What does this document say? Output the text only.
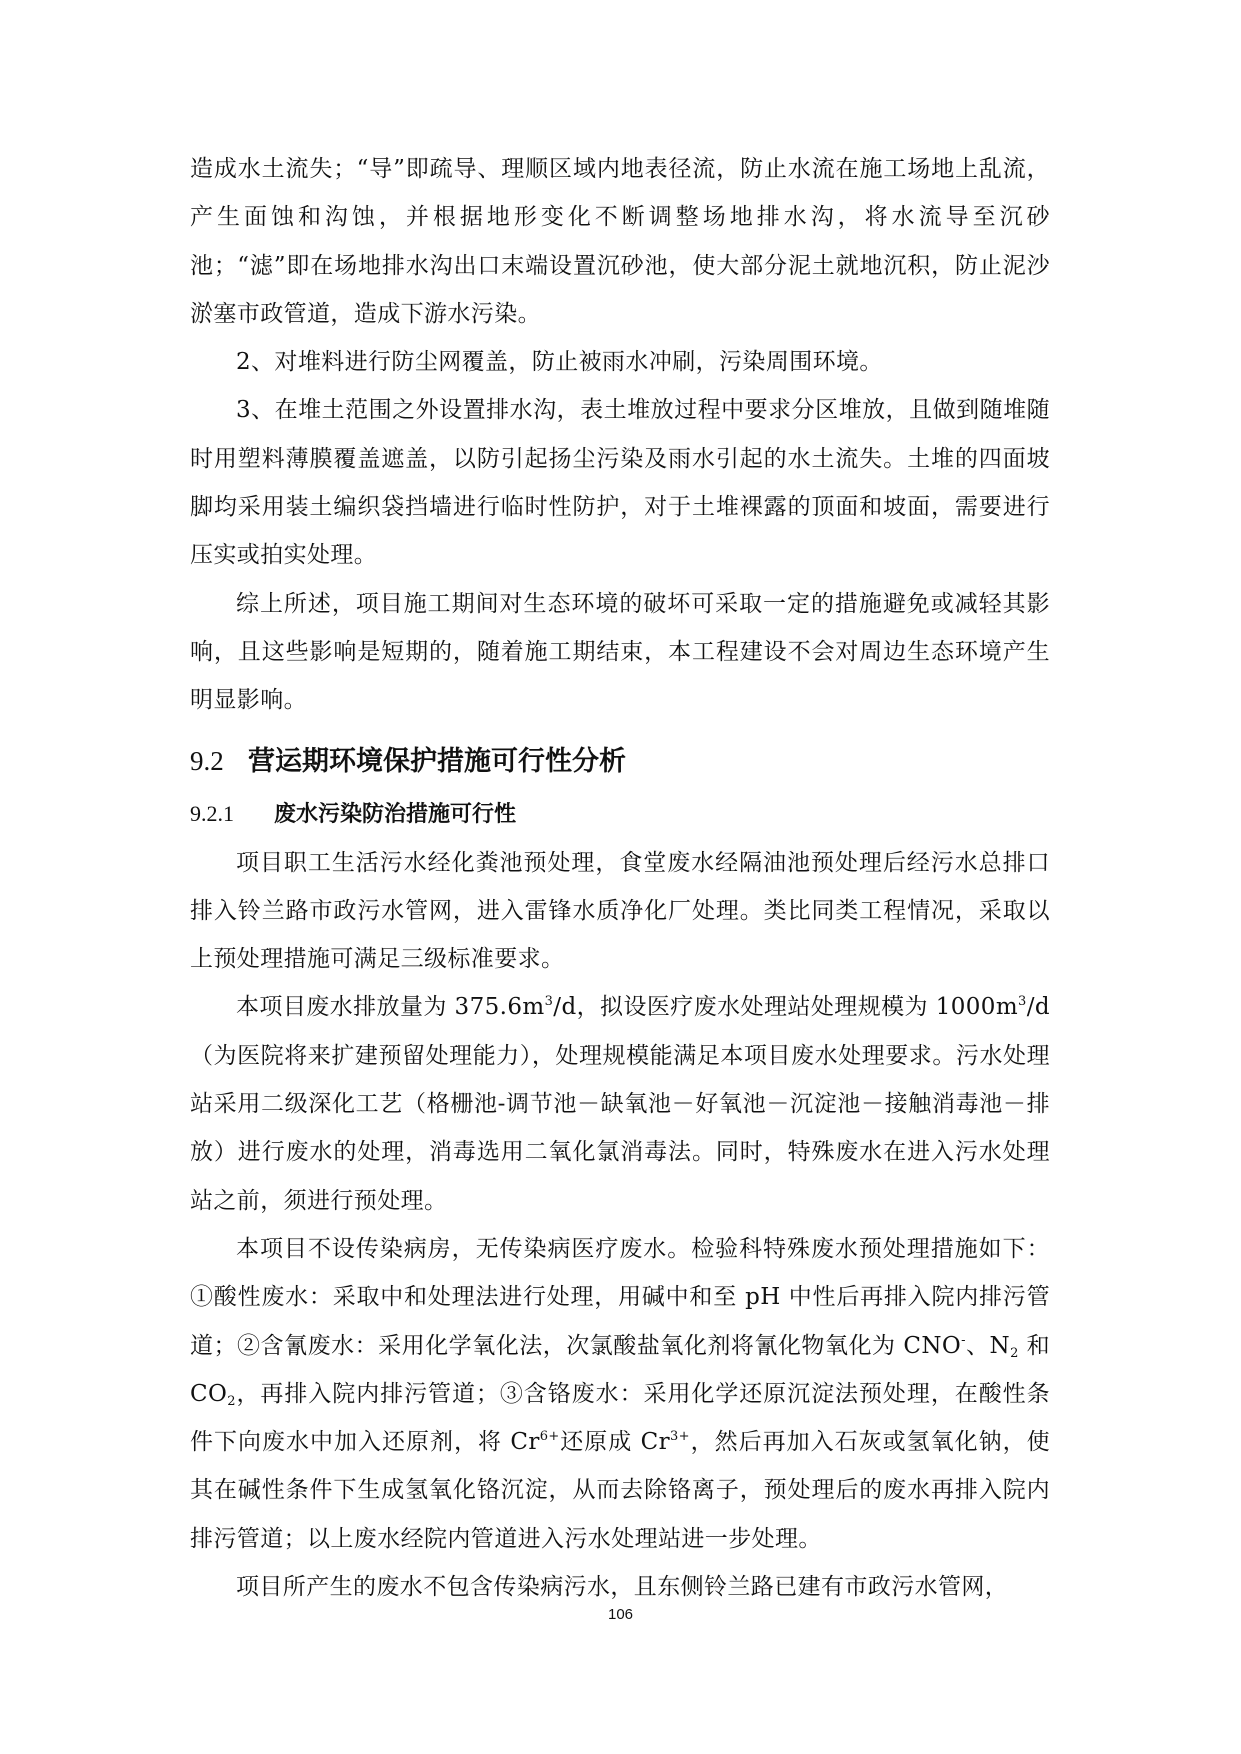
造成水土流失；“导”即疏导、理顺区域内地表径流，防止水流在施工场地上乱流，产生面蚀和沟蚀，并根据地形变化不断调整场地排水沟，将水流导至沉砂池；“滤”即在场地排水沟出口末端设置沉砂池，使大部分泥土就地沉积，防止泥沙淤塞市政管道，造成下游水污染。

2、对堆料进行防尘网覆盖，防止被雨水冲刷，污染周围环境。

3、在堆土范围之外设置排水沟，表土堆放过程中要求分区堆放，且做到随堆随时用塑料薄膜覆盖遮盖，以防引起扬尘污染及雨水引起的水土流失。土堆的四面坡脚均采用装土编织袋挡墙进行临时性防护，对于土堆裸露的顶面和坡面，需要进行压实或拍实处理。

综上所述，项目施工期间对生态环境的破坏可采取一定的措施避免或减轻其影响，且这些影响是短期的，随着施工期结束，本工程建设不会对周边生态环境产生明显影响。

9.2 营运期环境保护措施可行性分析
9.2.1 废水污染防治措施可行性

项目职工生活污水经化粪池预处理，食堂废水经隔油池预处理后经污水总排口排入铃兰路市政污水管网，进入雷锋水质净化厂处理。类比同类工程情况，采取以上预处理措施可满足三级标准要求。

本项目废水排放量为 $375.6m^3/d$，拟设医疗废水处理站处理规模为 $1000m^3/d$（为医院将来扩建预留处理能力），处理规模能满足本项目废水处理要求。污水处理站采用二级深化工艺（格栅池-调节池－缺氧池－好氧池－沉淀池－接触消毒池－排放）进行废水的处理，消毒选用二氧化氯消毒法。同时，特殊废水在进入污水处理站之前，须进行预处理。

本项目不设传染病房，无传染病医疗废水。检验科特殊废水预处理措施如下：①酸性废水：采取中和处理法进行处理，用碱中和至 pH 中性后再排入院内排污管道；②含氰废水：采用化学氧化法，次氯酸盐氧化剂将氰化物氧化为 CNO-、$N_2$ 和 $CO_2$，再排入院内排污管道；③含铬废水：采用化学还原沉淀法预处理，在酸性条件下向废水中加入还原剂，将 $Cr^{6+}$还原成 $Cr^{3+}$，然后再加入石灰或氢氧化钠，使其在碱性条件下生成氢氧化铬沉淀，从而去除铬离子，预处理后的废水再排入院内排污管道；以上废水经院内管道进入污水处理站进一步处理。

项目所产生的废水不包含传染病污水，且东侧铃兰路已建有市政污水管网，

106
